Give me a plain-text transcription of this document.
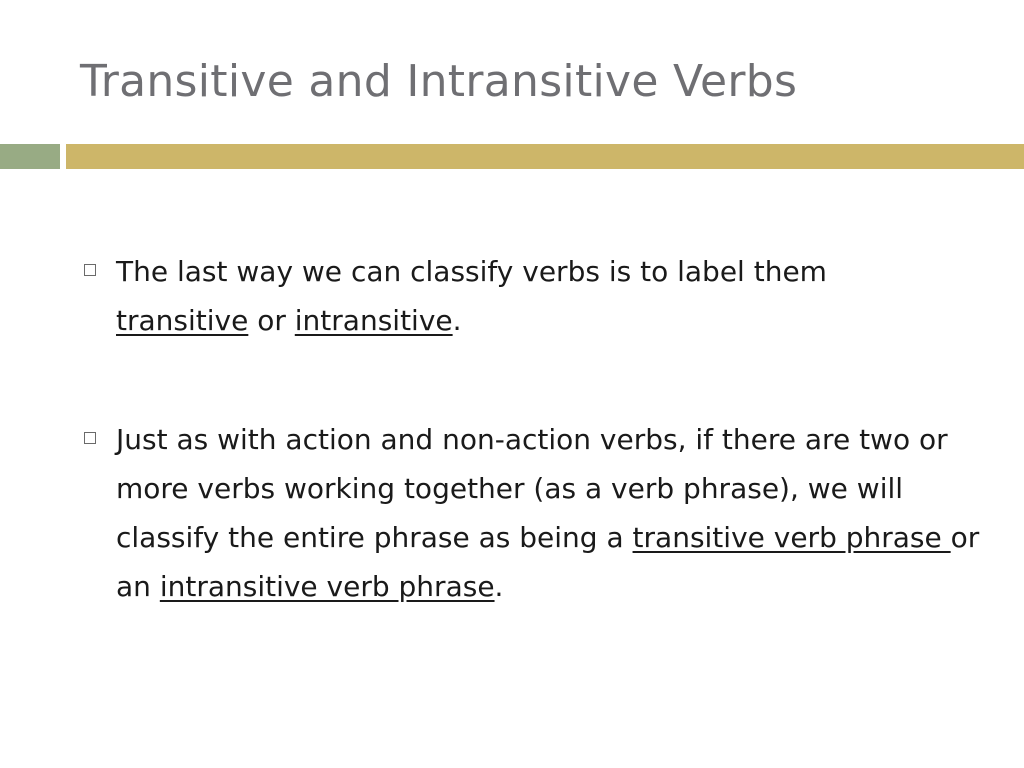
Transitive and Intransitive Verbs
The last way we can classify verbs is to label them
transitive or intransitive.
Just as with action and non-action verbs, if there are two or more verbs working together (as a verb phrase), we will classify the entire phrase as being a transitive verb phrase or an intransitive verb phrase.
